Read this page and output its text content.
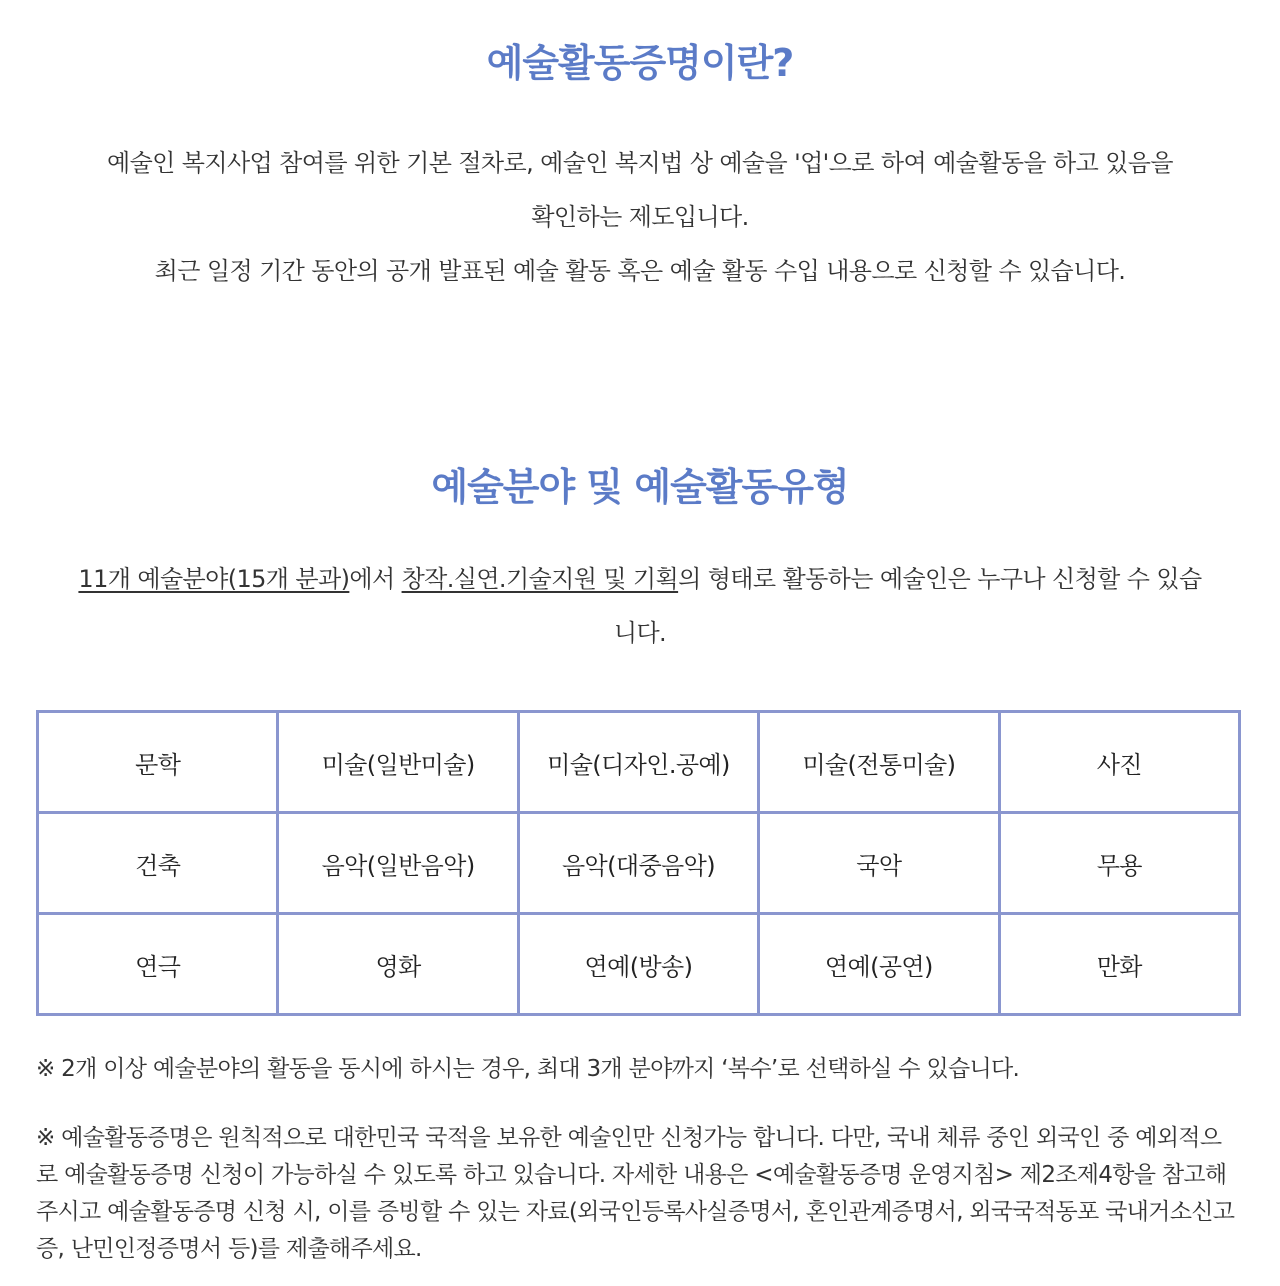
예술활동증명이란?

예술인 복지사업 참여를 위한 기본 절차로, 예술인 복지법 상 예술을 '업'으로 하여 예술활동을 하고 있음을

확인하는 제도입니다.

최근 일정 기간 동안의 공개 발표된 예술 활동 혹은 예술 활동 수입 내용으로 신청할 수 있습니다.

예술분야 및 예술활동유형
11개 예술분야(15개 분과)에서 창작.실연.기술지원 및 기획의 형태로 활동하는 예술인은 누구나 신청할 수 있습니다.
문학	미술(일반미술)	미술(디자인.공예)	미술(전통미술)	사진
건축	음악(일반음악)	음악(대중음악)	국악	무용
연극	영화	연예(방송)	연예(공연)	만화

※ 2개 이상 예술분야의 활동을 동시에 하시는 경우, 최대 3개 분야까지 ‘복수’로 선택하실 수 있습니다.

※ 예술활동증명은 원칙적으로 대한민국 국적을 보유한 예술인만 신청가능 합니다. 다만, 국내 체류 중인 외국인 중 예외적으로 예술활동증명 신청이 가능하실 수 있도록 하고 있습니다. 자세한 내용은 <예술활동증명 운영지침> 제2조제4항을 참고해주시고 예술활동증명 신청 시, 이를 증빙할 수 있는 자료(외국인등록사실증명서, 혼인관계증명서, 외국국적동포 국내거소신고증, 난민인정증명서 등)를 제출해주세요.
